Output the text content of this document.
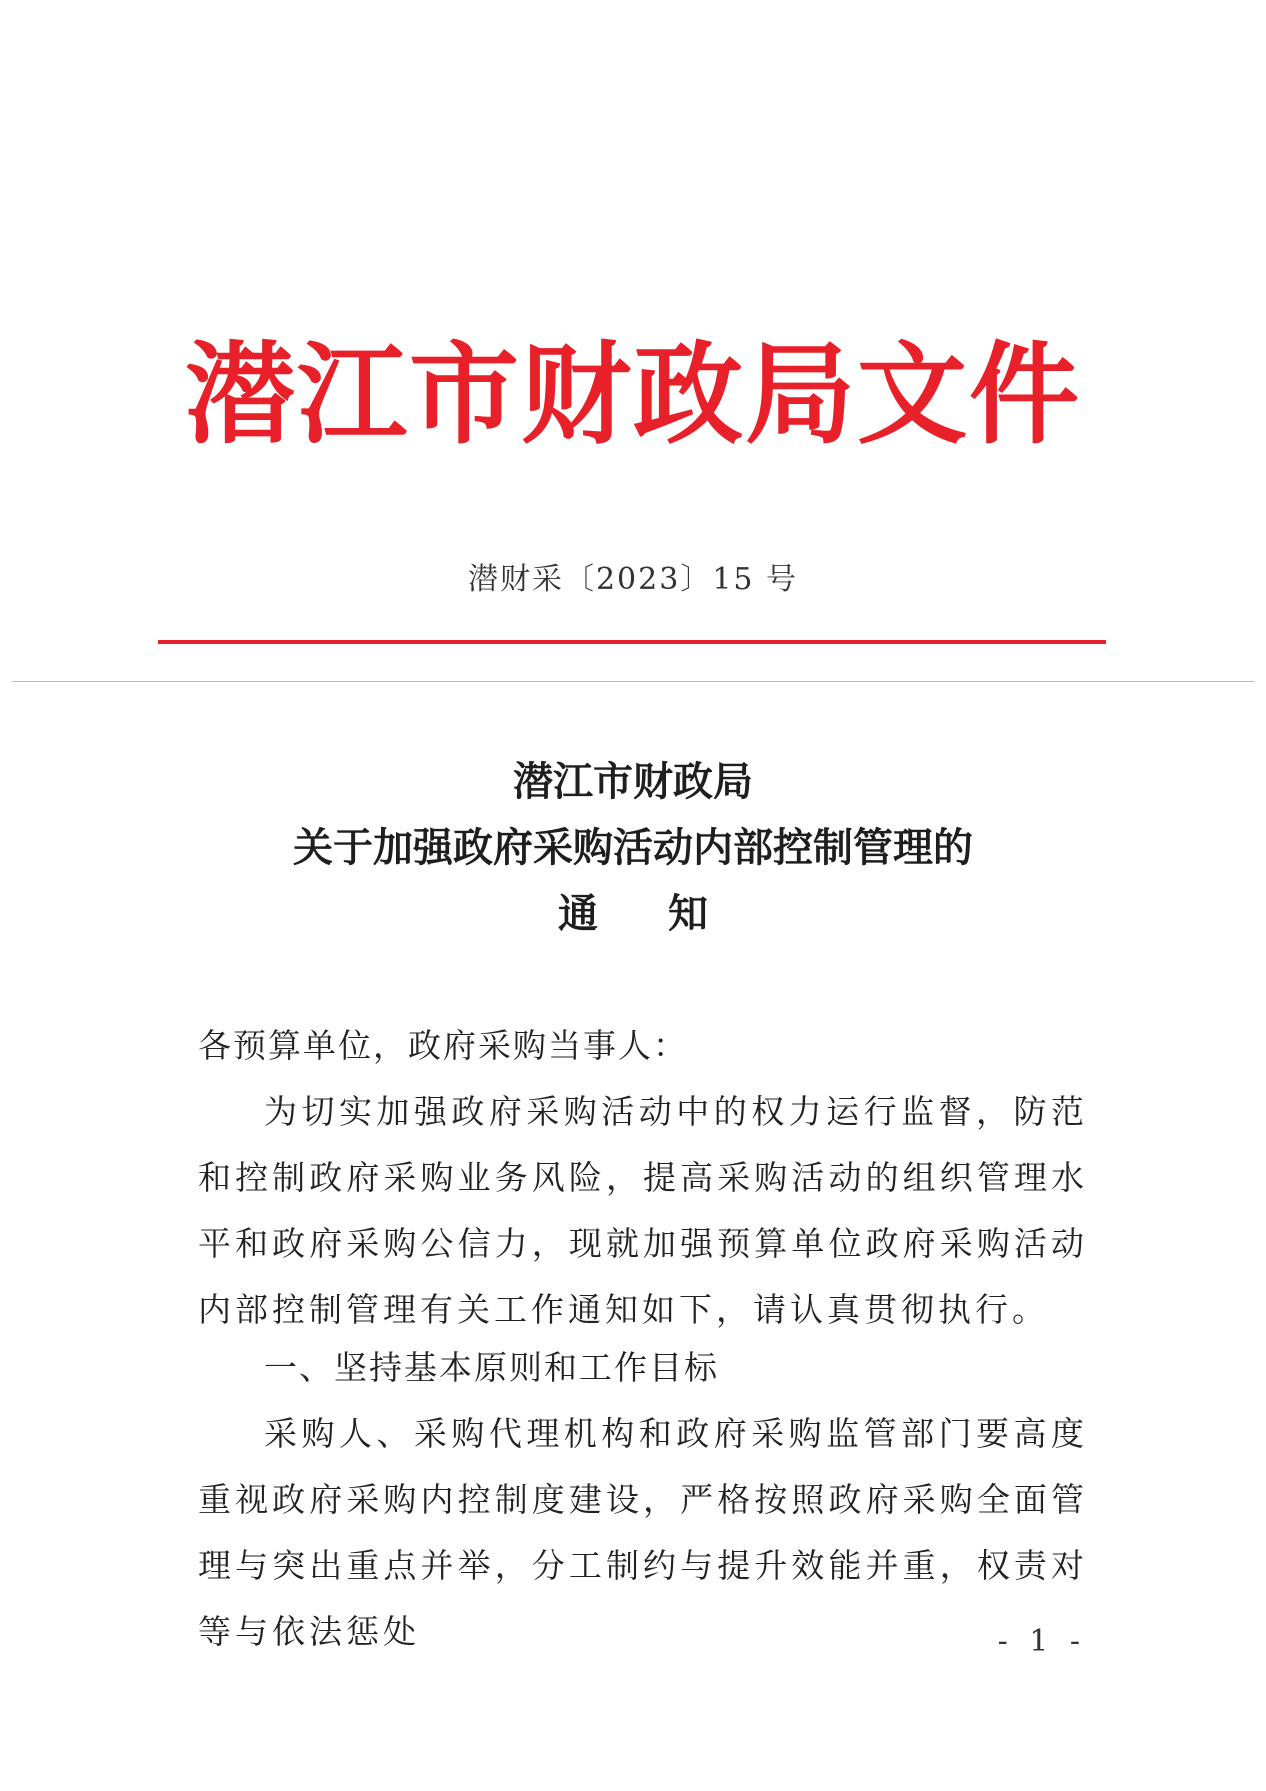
潜江市财政局文件
潜财采〔2023〕15 号
潜江市财政局
关于加强政府采购活动内部控制管理的
通知
各预算单位，政府采购当事人：

为切实加强政府采购活动中的权力运行监督，防范和控制政府采购业务风险，提高采购活动的组织管理水平和政府采购公信力，现就加强预算单位政府采购活动内部控制管理有关工作通知如下，请认真贯彻执行。

一、坚持基本原则和工作目标

采购人、采购代理机构和政府采购监管部门要高度重视政府采购内控制度建设，严格按照政府采购全面管理与突出重点并举，分工制约与提升效能并重，权责对等与依法惩处	- 1 -
